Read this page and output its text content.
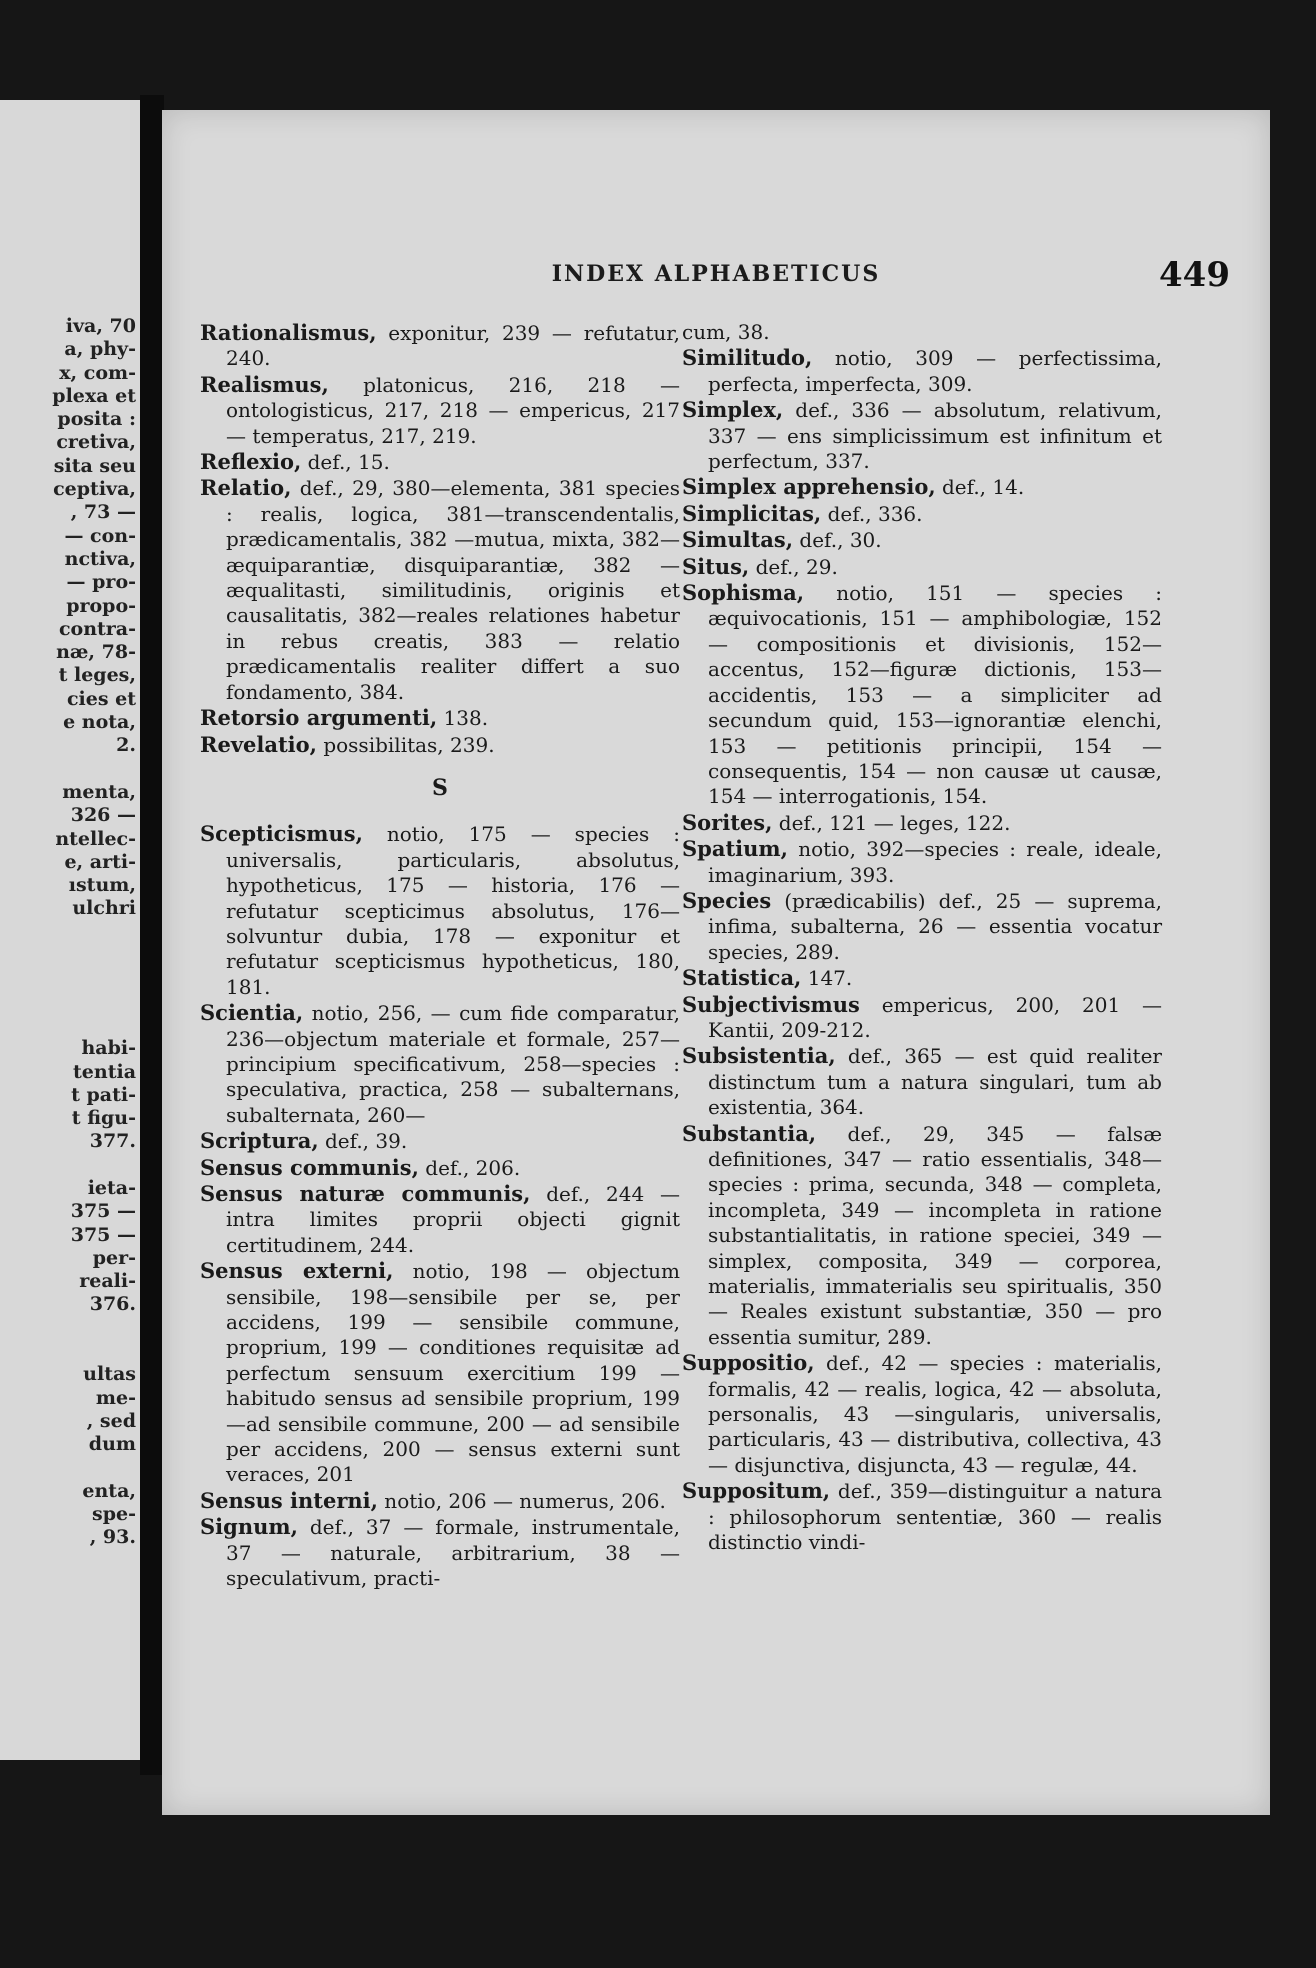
iva, 70
a, phy-
x, com-
plexa et
posita :
cretiva,
sita seu
ceptiva,
, 73 —
— con-
nctiva,
— pro-
propo-
contra-
næ, 78-
t leges,
cies et
e nota,
2.
menta,
326 —
ntellec-
e, arti-
ıstum,
ulchri
habi-
tentia
t pati-
t figu-
377.
ieta-
375 —
375 —
per-
reali-
376.
ultas
me-
, sed
dum
enta,
spe-
, 93.
INDEX ALPHABETICUS	449

Rationalismus, exponitur, 239 — refutatur, 240.

Realismus, platonicus, 216, 218 — ontologisticus, 217, 218 — empericus, 217 — temperatus, 217, 219.

Reflexio, def., 15.

Relatio, def., 29, 380—elementa, 381 species : realis, logica, 381—transcendentalis, prædicamentalis, 382 —mutua, mixta, 382—æquiparantiæ, disquiparantiæ, 382 — æqualitasti, similitudinis, originis et causalitatis, 382—reales relationes habetur in rebus creatis, 383 — relatio prædicamentalis realiter differt a suo fondamento, 384.

Retorsio argumenti, 138.

Revelatio, possibilitas, 239.

S

Scepticismus, notio, 175 — species : universalis, particularis, absolutus, hypotheticus, 175 — historia, 176 — refutatur scepticimus absolutus, 176—solvuntur dubia, 178 — exponitur et refutatur scepticismus hypotheticus, 180, 181.

Scientia, notio, 256, — cum fide comparatur, 236—objectum materiale et formale, 257—principium specificativum, 258—species : speculativa, practica, 258 — subalternans, subalternata, 260—

Scriptura, def., 39.

Sensus communis, def., 206.

Sensus naturæ communis, def., 244 — intra limites proprii objecti gignit certitudinem, 244.

Sensus externi, notio, 198 — objectum sensibile, 198—sensibile per se, per accidens, 199 — sensibile commune, proprium, 199 — conditiones requisitæ ad perfectum sensuum exercitium 199 — habitudo sensus ad sensibile proprium, 199—ad sensibile commune, 200 — ad sensibile per accidens, 200 — sensus externi sunt veraces, 201

Sensus interni, notio, 206 — numerus, 206.

Signum, def., 37 — formale, instrumentale, 37 — naturale, arbitrarium, 38 — speculativum, practi-

cum, 38.

Similitudo, notio, 309 — perfectissima, perfecta, imperfecta, 309.

Simplex, def., 336 — absolutum, relativum, 337 — ens simplicissimum est infinitum et perfectum, 337.

Simplex apprehensio, def., 14.

Simplicitas, def., 336.

Simultas, def., 30.

Situs, def., 29.

Sophisma, notio, 151 — species : æquivocationis, 151 — amphibologiæ, 152 — compositionis et divisionis, 152—accentus, 152—figuræ dictionis, 153—accidentis, 153 — a simpliciter ad secundum quid, 153—ignorantiæ elenchi, 153 — petitionis principii, 154 — consequentis, 154 — non causæ ut causæ, 154 — interrogationis, 154.

Sorites, def., 121 — leges, 122.

Spatium, notio, 392—species : reale, ideale, imaginarium, 393.

Species (prædicabilis) def., 25 — suprema, infima, subalterna, 26 — essentia vocatur species, 289.

Statistica, 147.

Subjectivismus empericus, 200, 201 — Kantii, 209-212.

Subsistentia, def., 365 — est quid realiter distinctum tum a natura singulari, tum ab existentia, 364.

Substantia, def., 29, 345 — falsæ definitiones, 347 — ratio essentialis, 348—species : prima, secunda, 348 — completa, incompleta, 349 — incompleta in ratione substantialitatis, in ratione speciei, 349 — simplex, composita, 349 — corporea, materialis, immaterialis seu spiritualis, 350 — Reales existunt substantiæ, 350 — pro essentia sumitur, 289.

Suppositio, def., 42 — species : materialis, formalis, 42 — realis, logica, 42 — absoluta, personalis, 43 —singularis, universalis, particularis, 43 — distributiva, collectiva, 43 — disjunctiva, disjuncta, 43 — regulæ, 44.

Suppositum, def., 359—distinguitur a natura : philosophorum sententiæ, 360 — realis distinctio vindi-
